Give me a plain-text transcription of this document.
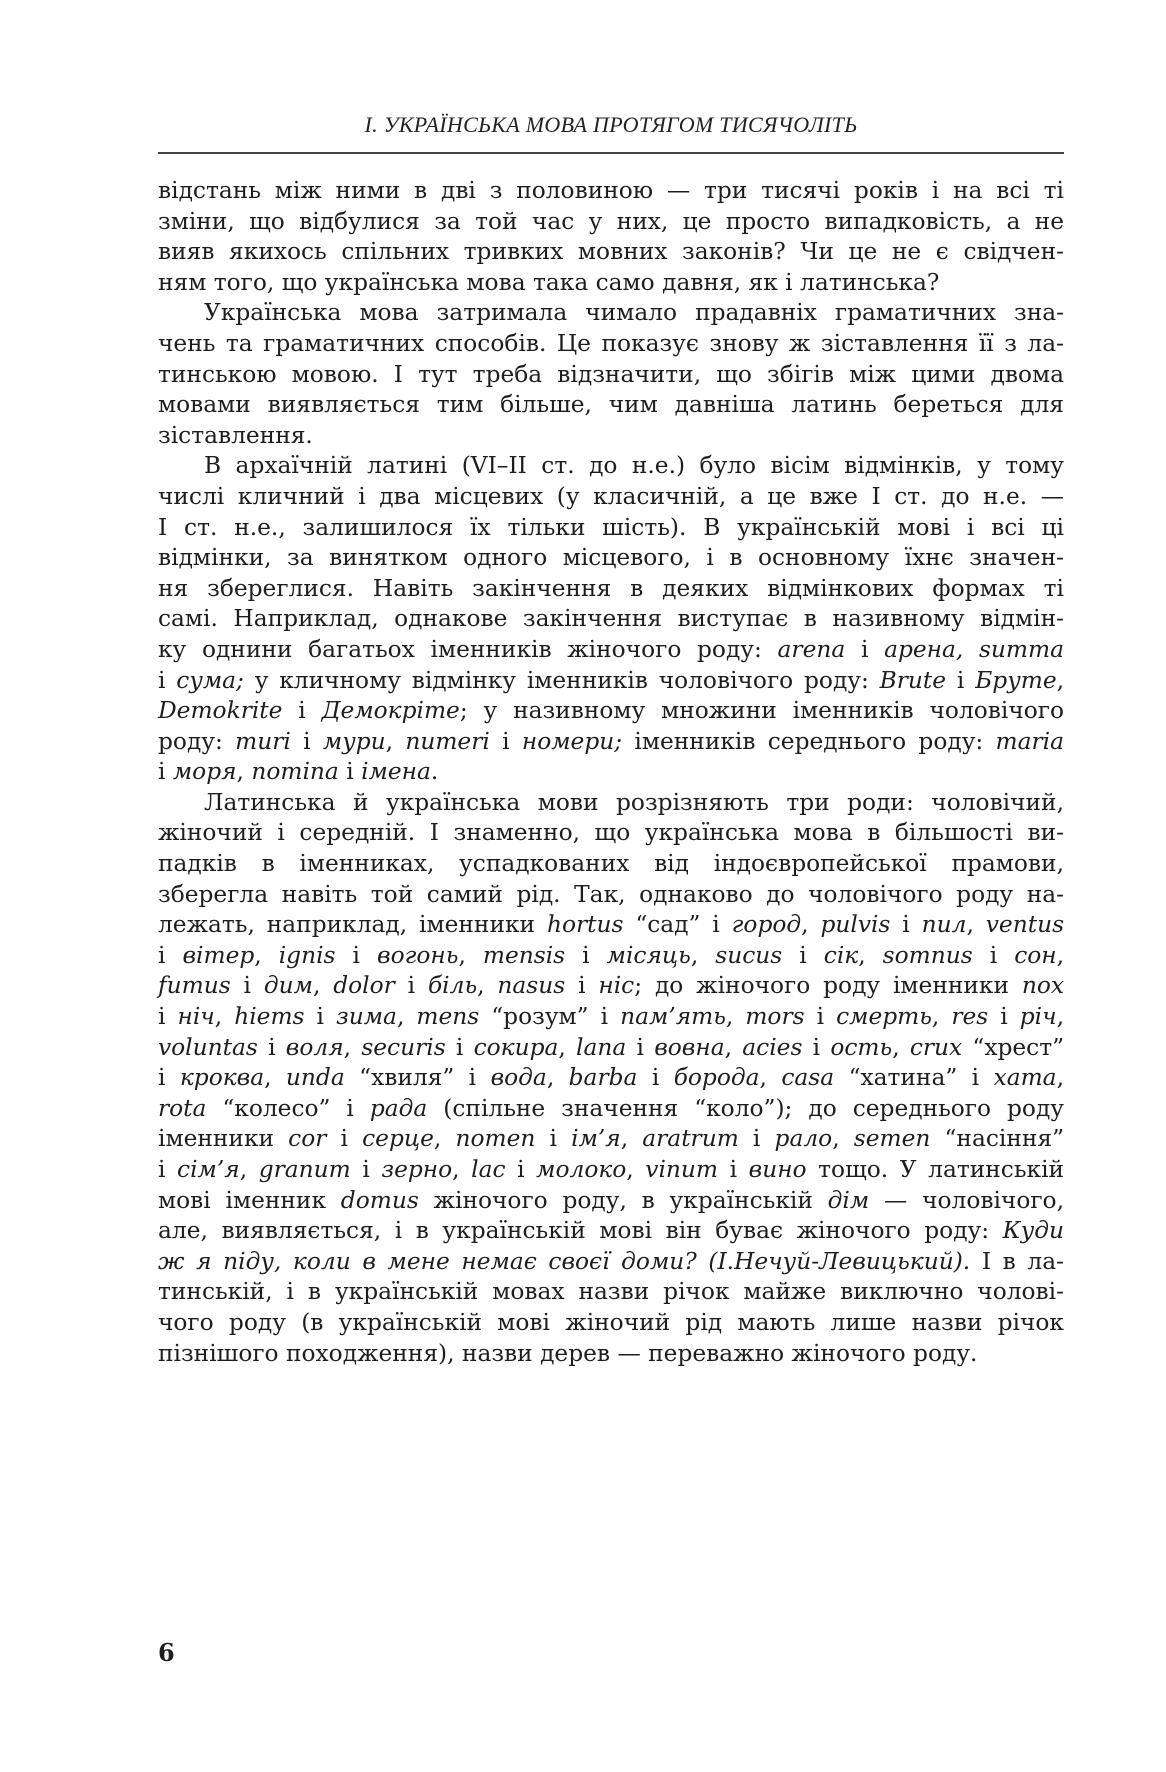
І. УКРАЇНСЬКА МОВА ПРОТЯГОМ ТИСЯЧОЛІТЬ
відстань між ними в дві з половиною — три тисячі років і на всі ті
зміни, що відбулися за той час у них, це просто випадковість, а не
вияв якихось спільних тривких мовних законів? Чи це не є свідчен-
ням того, що українська мова така само давня, як і латинська?
Українська мова затримала чимало прадавніх граматичних зна-
чень та граматичних способів. Це показує знову ж зіставлення її з ла-
тинською мовою. І тут треба відзначити, що збігів між цими двома
мовами виявляється тим більше, чим давніша латинь береться для
зіставлення.
В архаїчній латині (VI–II ст. до н.е.) було вісім відмінків, у тому
числі кличний і два місцевих (у класичній, а це вже I ст. до н.е. —
I ст. н.е., залишилося їх тільки шість). В українській мові і всі ці
відмінки, за винятком одного місцевого, і в основному їхнє значен-
ня збереглися. Навіть закінчення в деяких відмінкових формах ті
самі. Наприклад, однакове закінчення виступає в називному відмін-
ку однини багатьох іменників жіночого роду: arena і арена, summa
і сума; у кличному відмінку іменників чоловічого роду: Brute і Бруте,
Demokrite і Демокріте; у називному множини іменників чоловічого
роду: muri і мури, numeri і номери; іменників середнього роду: maria
і моря, nomina і імена.
Латинська й українська мови розрізняють три роди: чоловічий,
жіночий і середній. І знаменно, що українська мова в більшості ви-
падків в іменниках, успадкованих від індоєвропейської прамови,
зберегла навіть той самий рід. Так, однаково до чоловічого роду на-
лежать, наприклад, іменники hortus “сад” і город, pulvis і пил, ventus
і вітер, ignis і вогонь, mensis і місяць, sucus і сік, somnus і сон,
fumus і дим, dolor і біль, nasus і ніс; до жіночого роду іменники nox
і ніч, hiems і зима, mens “розум” і пам’ять, mors і смерть, res і річ,
voluntas і воля, securis і сокира, lana і вовна, acies і ость, crux “хрест”
і кроква, unda “хвиля” і вода, barba і борода, casa “хатина” і хата,
rota “колесо” і рада (спільне значення “коло”); до середнього роду
іменники cor і серце, nomen і ім’я, aratrum і рало, semen “насіння”
і сім’я, granum і зерно, lac і молоко, vinum і вино тощо. У латинській
мові іменник domus жіночого роду, в українській дім — чоловічого,
але, виявляється, і в українській мові він буває жіночого роду: Куди
ж я піду, коли в мене немає своєї доми? (І.Нечуй-Левицький). І в ла-
тинській, і в українській мовах назви річок майже виключно чолові-
чого роду (в українській мові жіночий рід мають лише назви річок
пізнішого походження), назви дерев — переважно жіночого роду.
6
